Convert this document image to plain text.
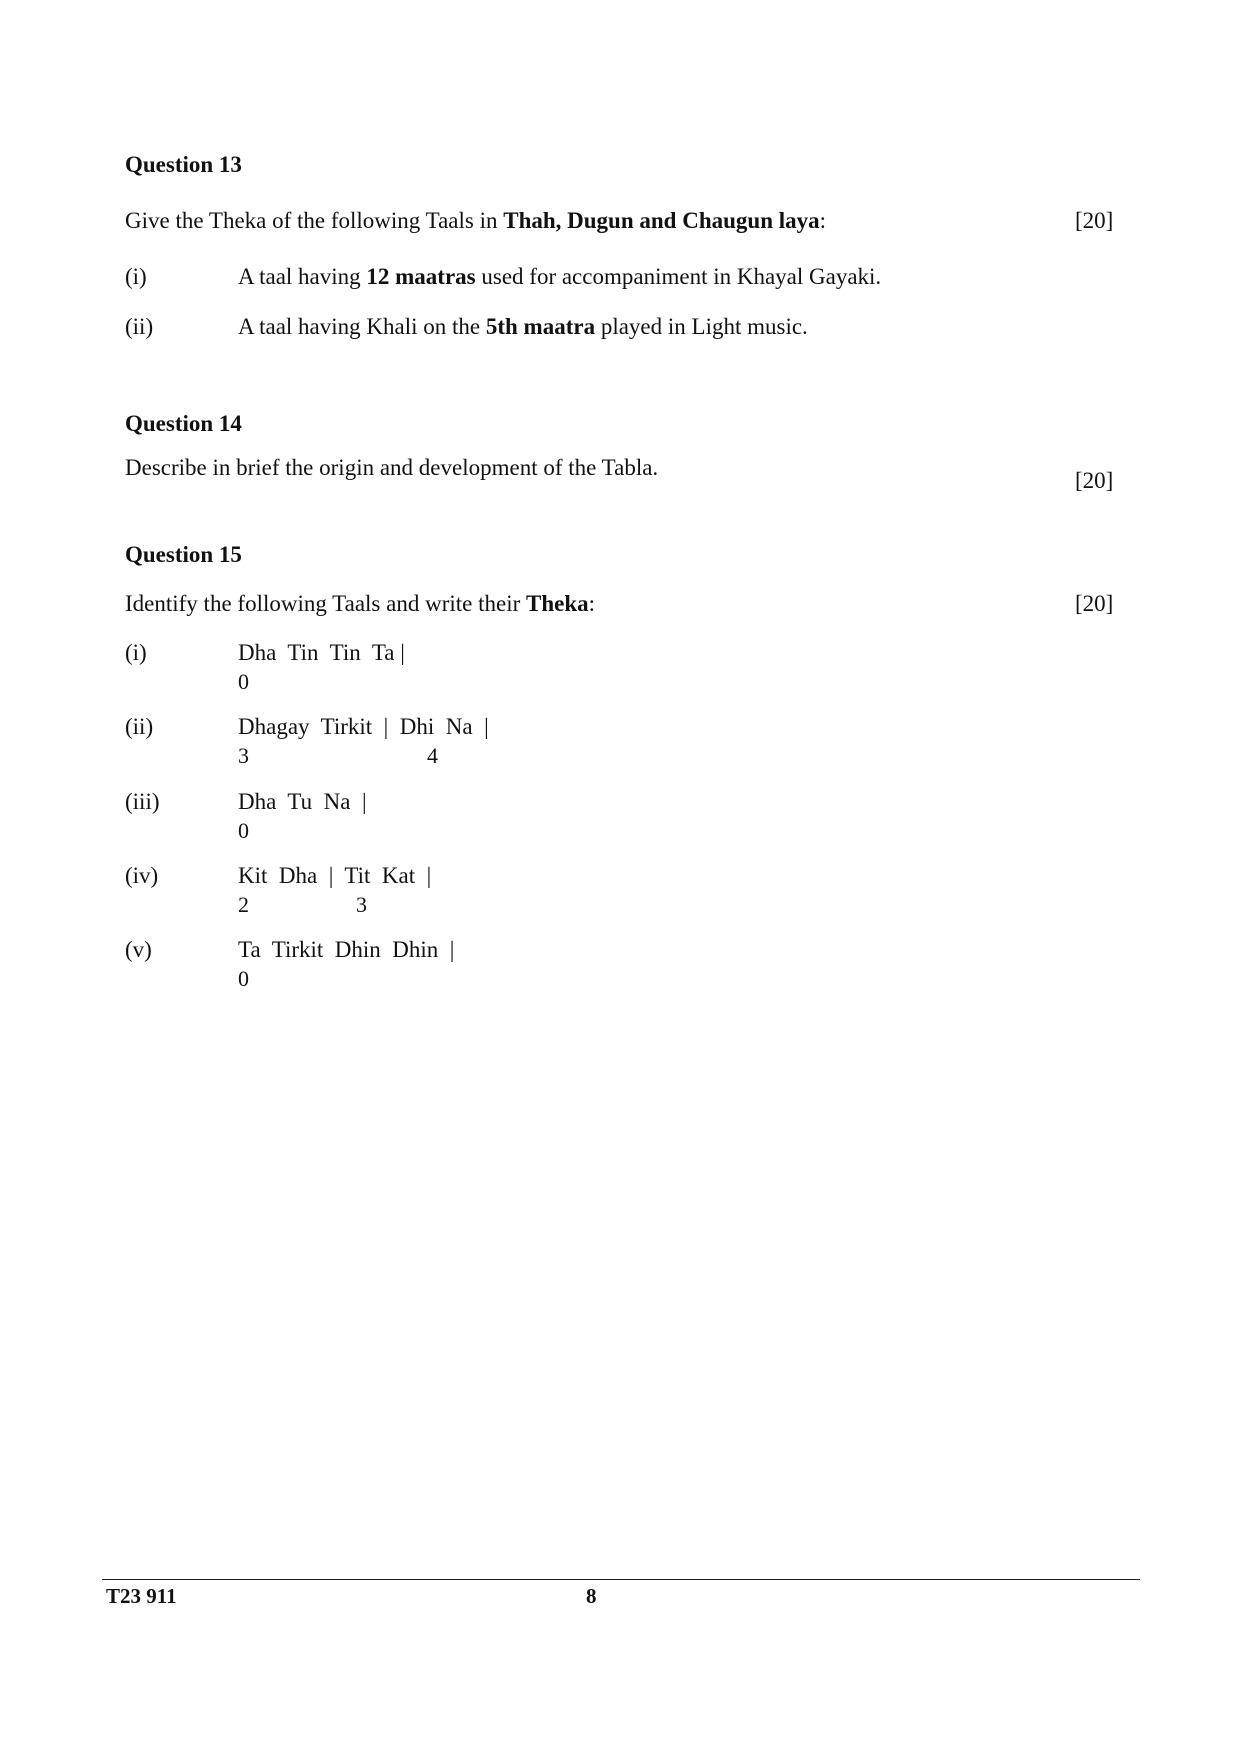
Question 13
Give the Theka of the following Taals in Thah, Dugun and Chaugun laya:	[20]
(i)	A taal having 12 maatras used for accompaniment in Khayal Gayaki.
(ii)	A taal having Khali on the 5th maatra played in Light music.
Question 14
Describe in brief the origin and development of the Tabla.
[20]
Question 15
Identify the following Taals and write their Theka:	[20]
(i)	Dha  Tin  Tin  Ta |
0
(ii)	Dhagay  Tirkit  |  Dhi  Na  |
3	4
(iii)	Dha  Tu  Na  |
0
(iv)	Kit  Dha  |  Tit  Kat  |
2	3
(v)	Ta  Tirkit  Dhin  Dhin  |
0
T23 911	8
